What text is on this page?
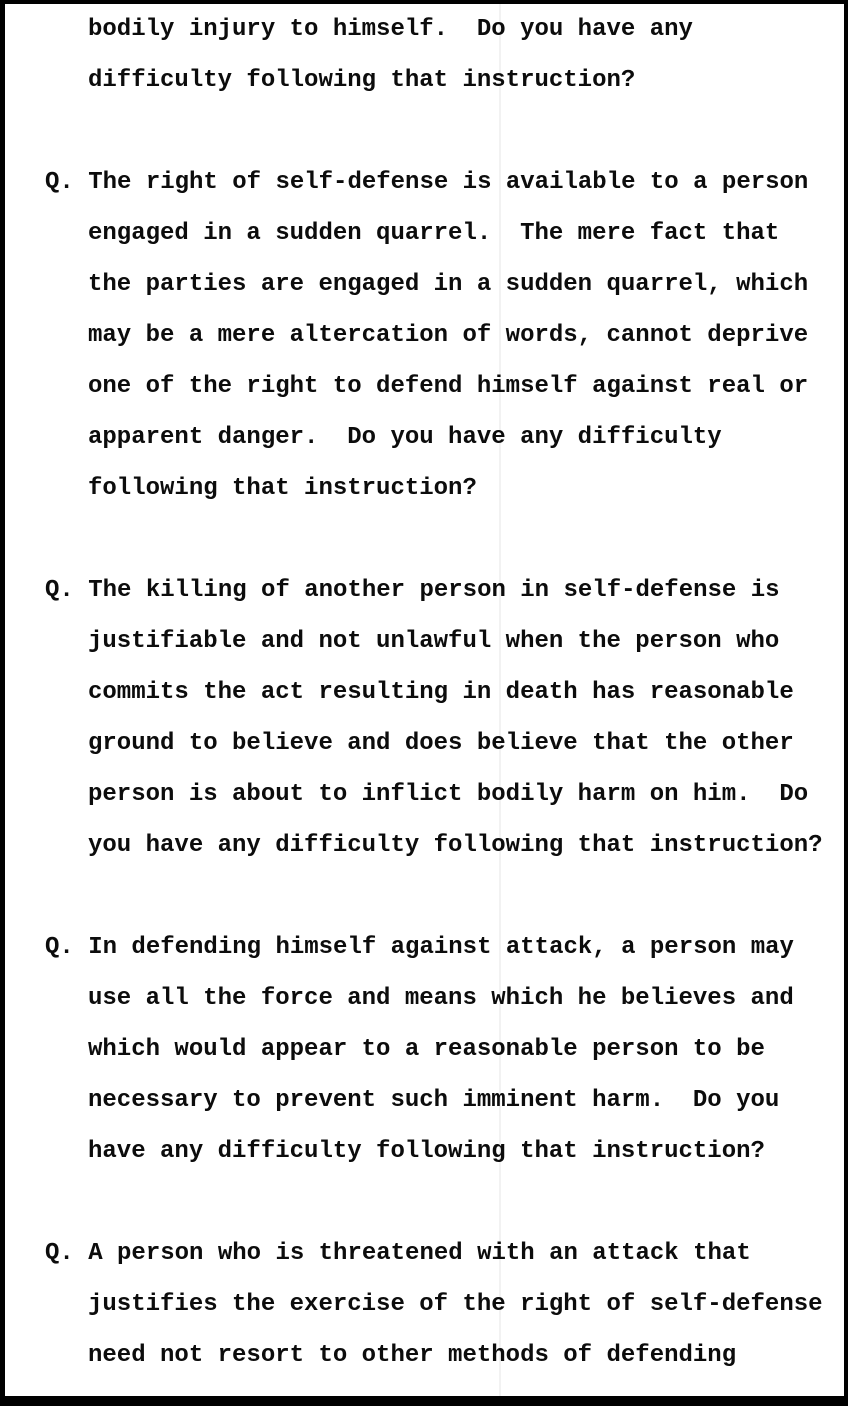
bodily injury to himself.  Do you have any
difficulty following that instruction?
Q. The right of self-defense is available to a person
engaged in a sudden quarrel.  The mere fact that
the parties are engaged in a sudden quarrel, which
may be a mere altercation of words, cannot deprive
one of the right to defend himself against real or
apparent danger.  Do you have any difficulty
following that instruction?
Q. The killing of another person in self-defense is
justifiable and not unlawful when the person who
commits the act resulting in death has reasonable
ground to believe and does believe that the other
person is about to inflict bodily harm on him.  Do
you have any difficulty following that instruction?
Q. In defending himself against attack, a person may
use all the force and means which he believes and
which would appear to a reasonable person to be
necessary to prevent such imminent harm.  Do you
have any difficulty following that instruction?
Q. A person who is threatened with an attack that
justifies the exercise of the right of self-defense
need not resort to other methods of defending
